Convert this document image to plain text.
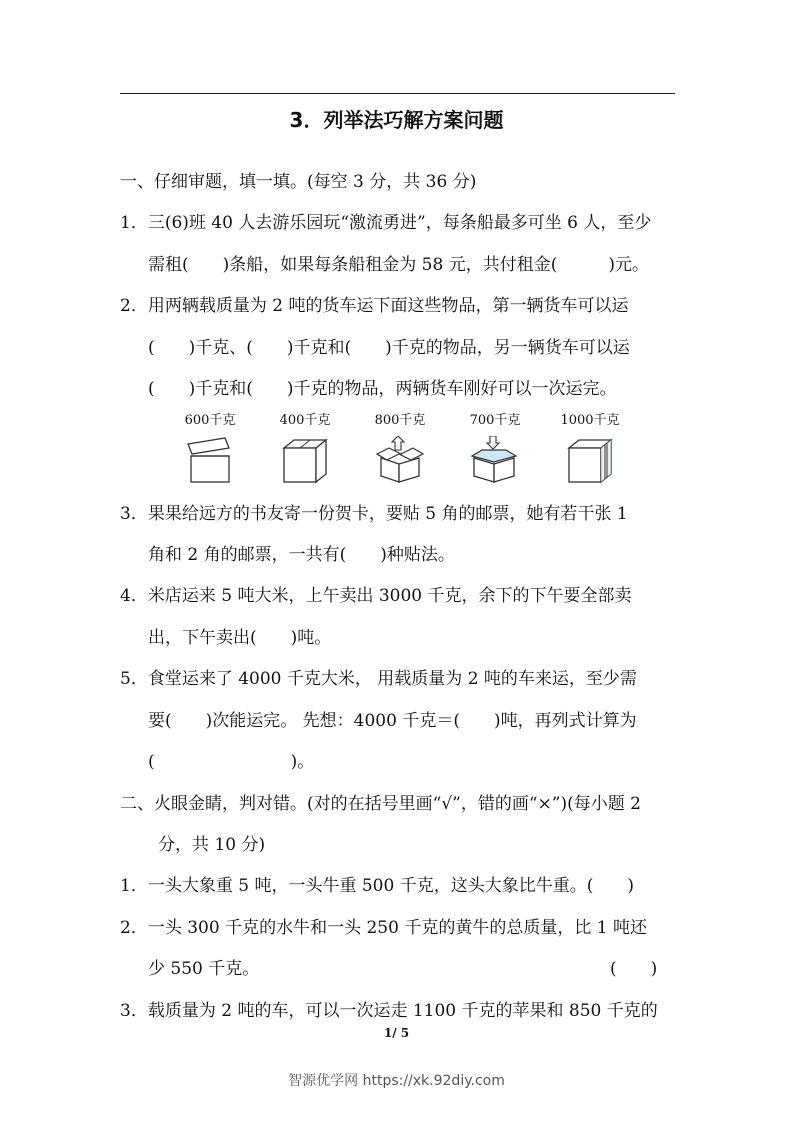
3．列举法巧解方案问题
一、仔细审题，填一填。(每空 3 分，共 36 分)
1．三(6)班 40 人去游乐园玩“激流勇进”，每条船最多可坐 6 人，至少
需租(　　)条船，如果每条船租金为 58 元，共付租金(　　　)元。
2．用两辆载质量为 2 吨的货车运下面这些物品，第一辆货车可以运
(　　)千克、(　　)千克和(　　)千克的物品，另一辆货车可以运
(　　)千克和(　　)千克的物品，两辆货车刚好可以一次运完。
600千克	400千克	800千克	700千克	1000千克
3．果果给远方的书友寄一份贺卡，要贴 5 角的邮票，她有若干张 1
角和 2 角的邮票，一共有(　　)种贴法。
4．米店运来 5 吨大米，上午卖出 3000 千克，余下的下午要全部卖
出，下午卖出(　　)吨。
5．食堂运来了 4000 千克大米， 用载质量为 2 吨的车来运，至少需
要(　　)次能运完。 先想：4000 千克＝(　　)吨，再列式计算为
(　　　　　　　　)。
二、火眼金睛，判对错。(对的在括号里画“√”，错的画“×”)(每小题 2
分，共 10 分)
1．一头大象重 5 吨，一头牛重 500 千克，这头大象比牛重。(　　)
2．一头 300 千克的水牛和一头 250 千克的黄牛的总质量，比 1 吨还
少 550 千克。	(　　)
3．载质量为 2 吨的车，可以一次运走 1100 千克的苹果和 850 千克的
1/ 5
智源优学网 https://xk.92diy.com
